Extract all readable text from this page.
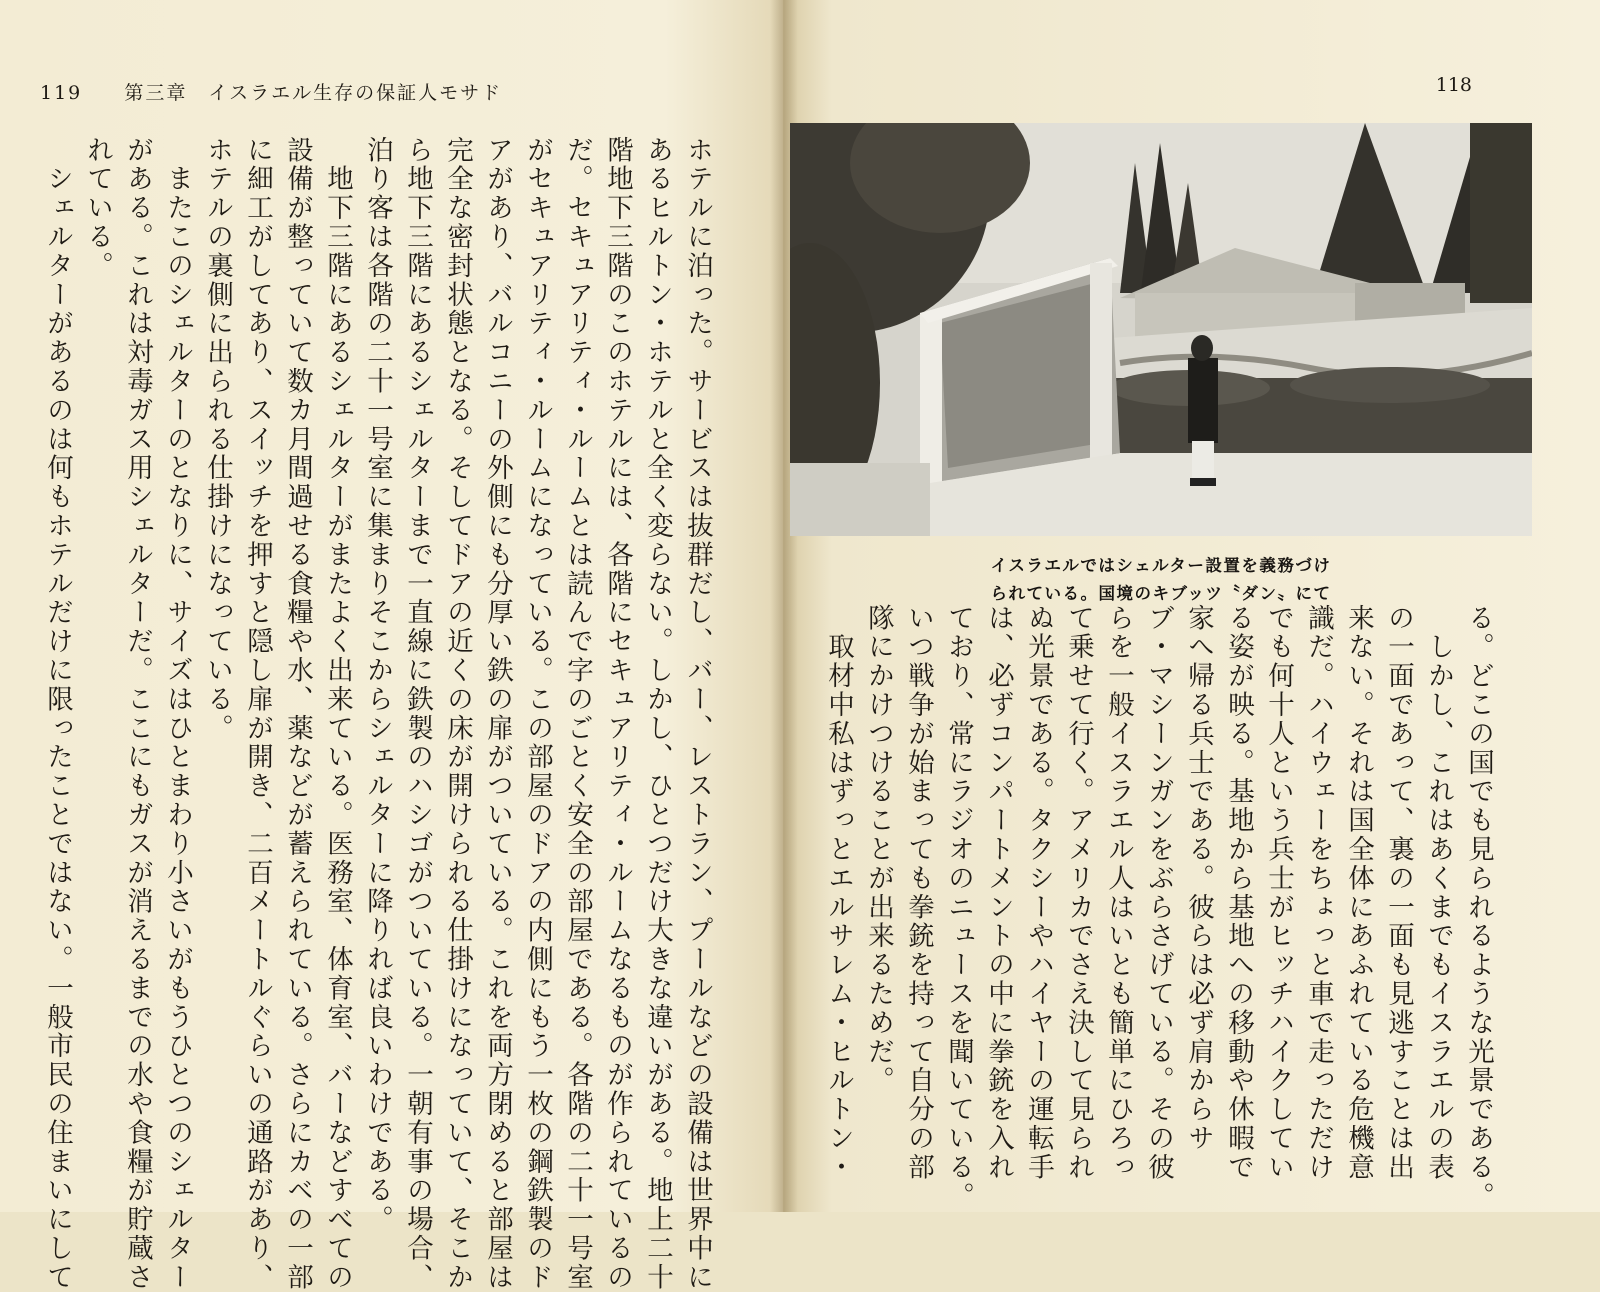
119 第三章　イスラエル生存の保証人モサド
ホテルに泊った。サービスは抜群だし、バー、レストラン、プールなどの設備は世界中に
あるヒルトン・ホテルと全く変らない。しかし、ひとつだけ大きな違いがある。地上二十
階地下三階のこのホテルには、各階にセキュアリティ・ルームなるものが作られているの
だ。セキュアリティ・ルームとは読んで字のごとく安全の部屋である。各階の二十一号室
がセキュアリティ・ルームになっている。この部屋のドアの内側にもう一枚の鋼鉄製のド
アがあり、バルコニーの外側にも分厚い鉄の扉がついている。これを両方閉めると部屋は
完全な密封状態となる。そしてドアの近くの床が開けられる仕掛けになっていて、そこか
ら地下三階にあるシェルターまで一直線に鉄製のハシゴがついている。一朝有事の場合、
泊り客は各階の二十一号室に集まりそこからシェルターに降りれば良いわけである。
　地下三階にあるシェルターがまたよく出来ている。医務室、体育室、バーなどすべての
設備が整っていて数カ月間過せる食糧や水、薬などが蓄えられている。さらにカベの一部
に細工がしてあり、スイッチを押すと隠し扉が開き、二百メートルぐらいの通路があり、
ホテルの裏側に出られる仕掛けになっている。
　またこのシェルターのとなりに、サイズはひとまわり小さいがもうひとつのシェルター
がある。これは対毒ガス用シェルターだ。ここにもガスが消えるまでの水や食糧が貯蔵さ
れている。
　シェルターがあるのは何もホテルだけに限ったことではない。一般市民の住まいにして
118
イスラエルではシェルター設置を義務づけ
られている。国境のキブッツ〝ダン〟にて
る。どこの国でも見られるような光景である。
　しかし、これはあくまでもイスラエルの表
の一面であって、裏の一面も見逃すことは出
来ない。それは国全体にあふれている危機意
識だ。ハイウェーをちょっと車で走っただけ
でも何十人という兵士がヒッチハイクしてい
る姿が映る。基地から基地への移動や休暇で
家へ帰る兵士である。彼らは必ず肩からサ
ブ・マシーンガンをぶらさげている。その彼
らを一般イスラエル人はいとも簡単にひろっ
て乗せて行く。アメリカでさえ決して見られ
ぬ光景である。タクシーやハイヤーの運転手
は、必ずコンパートメントの中に拳銃を入れ
ており、常にラジオのニュースを聞いている。
いつ戦争が始まっても拳銃を持って自分の部
隊にかけつけることが出来るためだ。
　取材中私はずっとエルサレム・ヒルトン・
